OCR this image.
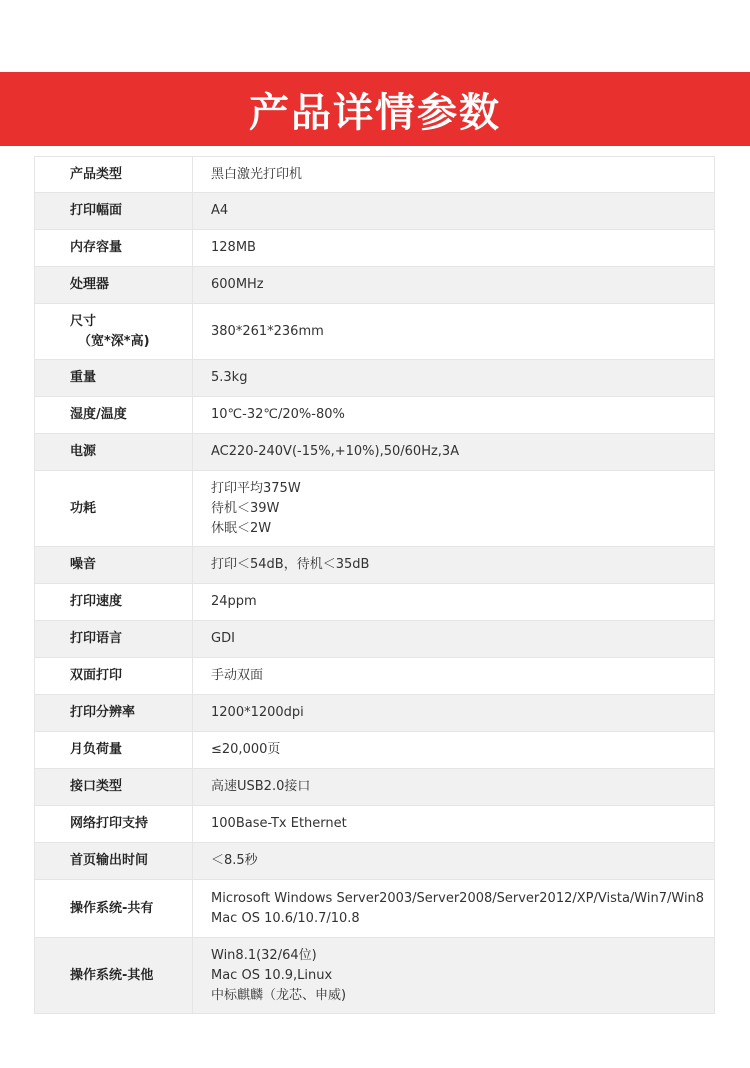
产品详情参数
产品类型	黑白激光打印机

打印幅面	A4

内存容量	128MB

处理器	600MHz

尺寸
（宽*深*高)	380*261*236mm

重量	5.3kg

湿度/温度	10℃-32℃/20%-80%

电源	AC220-240V(-15%,+10%),50/60Hz,3A

功耗	打印平均375W
待机＜39W
休眠＜2W

噪音	打印＜54dB，待机＜35dB

打印速度	24ppm

打印语言	GDI

双面打印	手动双面

打印分辨率	1200*1200dpi

月负荷量	≤20,000页

接口类型	高速USB2.0接口

网络打印支持	100Base-Tx Ethernet

首页输出时间	＜8.5秒

操作系统-共有	Microsoft Windows Server2003/Server2008/Server2012/XP/Vista/Win7/Win8
Mac OS 10.6/10.7/10.8

操作系统-其他	Win8.1(32/64位)
Mac OS 10.9,Linux
中标麒麟（龙芯、申威)
